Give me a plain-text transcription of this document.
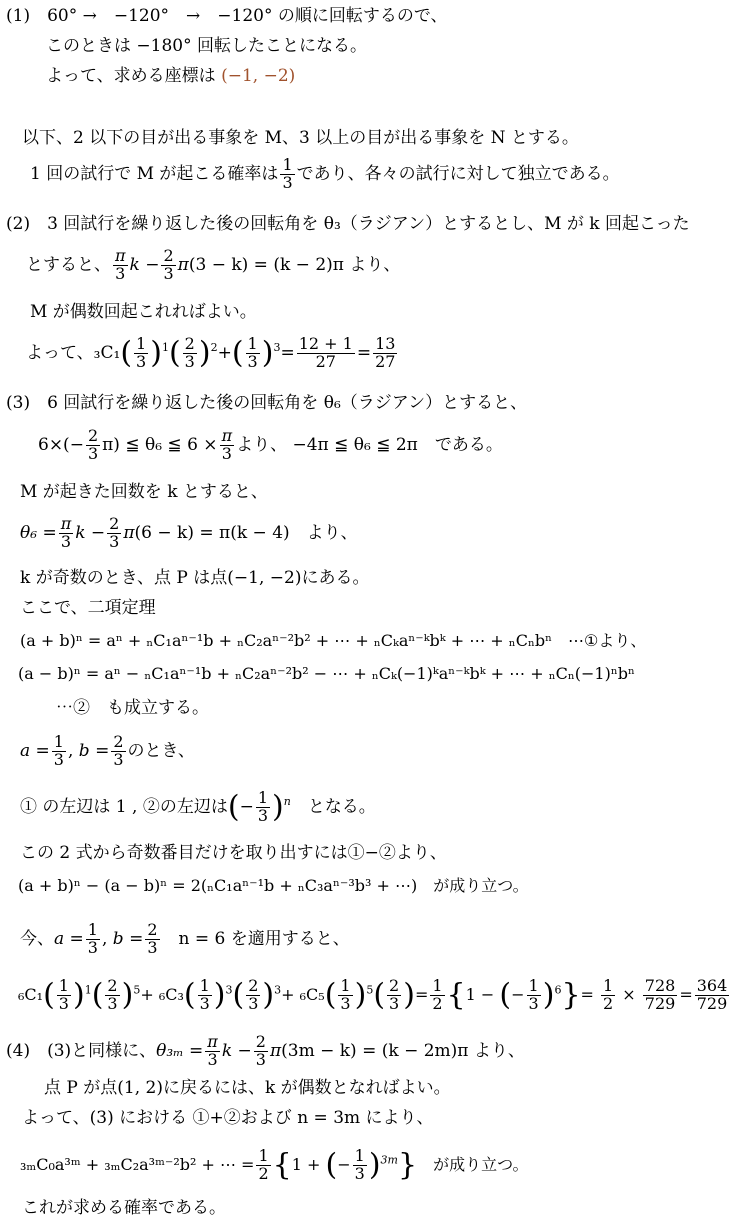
(1)　60° →　−120°　→　−120° の順に回転するので、
このときは −180° 回転したことになる。
よって、求める座標は (−1, −2)
以下、2 以下の目が出る事象を M、3 以上の目が出る事象を N とする。
1 回の試行で M が起こる確率は $\frac{1}{3}$ であり、各々の試行に対して独立である。
(2)　3 回試行を繰り返した後の回転角を θ₃（ラジアン）とするとし、M が k 回起こった
とすると、 $\frac{\pi}{3}$ $k - \frac{2}{3} \pi(3 - k) = (k - 2)\pi$ より、
M が偶数回起これればよい。
よって、$_3C_1( \frac{1}{3} )^1( \frac{2}{3} )^2+( \frac{1}{3} )^3= \frac{12 + 1}{27} = \frac{13}{27}$
(3)　6 回試行を繰り返した後の回転角を θ₆（ラジアン）とすると、
$6\times(- \frac{2}{3} \pi)$ ≦ θ₆ ≦ $6 \times \frac{\pi}{3}$ より、 −4π ≦ θ₆ ≦ 2π　である。
M が起きた回数を k とすると、
$\theta_6 = \frac{\pi}{3}$ $k - \frac{2}{3} \pi(6 - k) = \pi(k - 4)$　より、
k が奇数のとき、点 P は点(−1, −2)にある。
ここで、二項定理
(a + b)ⁿ = aⁿ + ₙC₁aⁿ⁻¹b + ₙC₂aⁿ⁻²b² + ⋯ + ₙCₖaⁿ⁻ᵏbᵏ + ⋯ + ₙCₙbⁿ　⋯①より、
(a − b)ⁿ = aⁿ − ₙC₁aⁿ⁻¹b + ₙC₂aⁿ⁻²b² − ⋯ + ₙCₖ(−1)ᵏaⁿ⁻ᵏbᵏ + ⋯ + ₙCₙ(−1)ⁿbⁿ
⋯②　も成立する。
$a = \frac{1}{3}$ , $b = \frac{2}{3}$ のとき、
① の左辺は 1 , ②の左辺は(− $\frac{1}{3} )^n$　 となる。
この 2 式から奇数番目だけを取り出すには①−②より、
(a + b)ⁿ − (a − b)ⁿ = 2(ₙC₁aⁿ⁻¹b + ₙC₃aⁿ⁻³b³ + ⋯)　が成り立つ。
今、$a = \frac{1}{3}$ , $b = \frac{2}{3}$
　 n = 6 を適用すると、
$_6C_1( \frac{1}{3} )^1( \frac{2}{3} )^5+ _6C_3( \frac{1}{3} )^3( \frac{2}{3} )^3+ _6C_5( \frac{1}{3} )^5( \frac{2}{3}$ )= $\frac{1}{2} \{1$ − (− $\frac{1}{3} )^6\}= \frac{1}{2} \times \frac{728}{729} = \frac{364}{729}$
(4)　(3)と同様に、$\theta_{3m} = \frac{\pi}{3}$ $k - \frac{2}{3} \pi(3m - k) = (k - 2m)\pi$ より、
点 P が点(1, 2)に戻るには、k が偶数となればよい。
よって、(3) における ①+②および n = 3m により、
₃ₘC₀a³ᵐ + ₃ₘC₂a³ᵐ⁻²b² + ⋯ = $\frac{1}{2} \{1$ + (− $\frac{1}{3} )^{3m}$}　 が成り立つ。
これが求める確率である。
